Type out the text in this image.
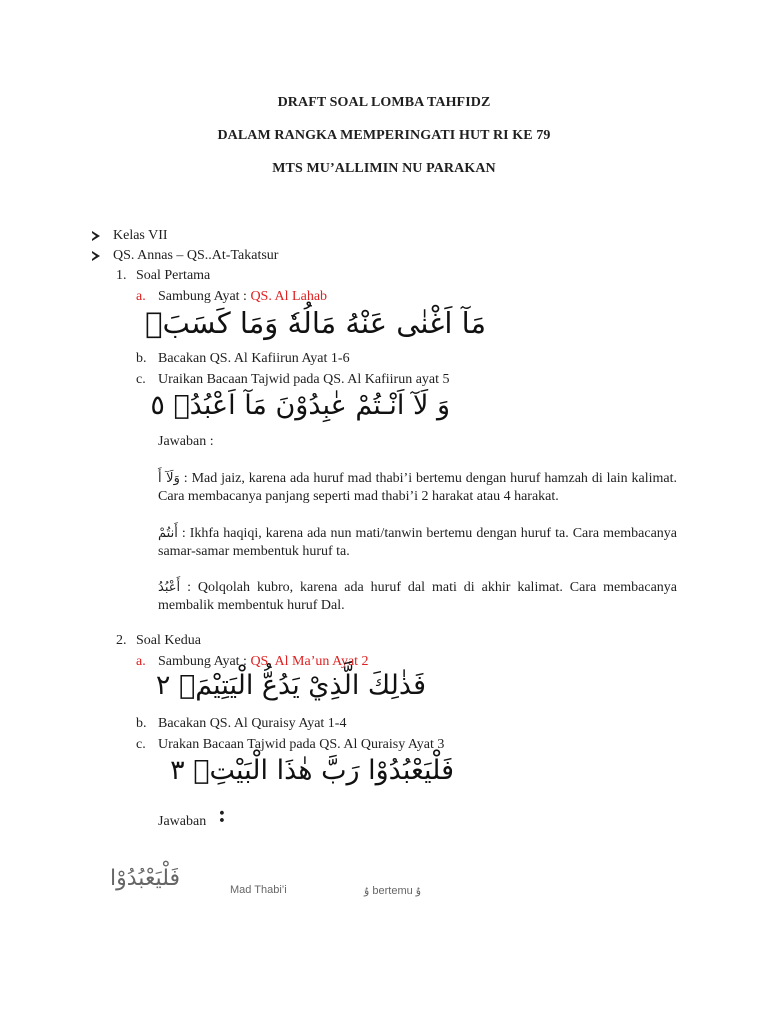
DRAFT SOAL LOMBA TAHFIDZ
DALAM RANGKA MEMPERINGATI HUT RI KE 79
MTS MU’ALLIMIN NU PARAKAN
Kelas VII
QS. Annas – QS..At-Takatsur
1. Soal Pertama
a. Sambung Ayat : QS. Al Lahab
مَآ اَغْنٰى عَنْهُ مَالُهٗ وَمَا كَسَبَۗ
b. Bacakan QS. Al Kafiirun Ayat 1-6
c. Uraikan Bacaan Tajwid pada QS. Al Kafiirun ayat 5
وَ لَآ اَنْـتُمْ عٰبِدُوْنَ مَآ اَعْبُدُۗ ٥
Jawaban :
وَلَآ أَ : Mad jaiz, karena ada huruf mad thabi’i bertemu dengan huruf hamzah di lain kalimat. Cara membacanya panjang seperti mad thabi’i 2 harakat atau 4 harakat.
أَنتُمْ : Ikhfa haqiqi, karena ada nun mati/tanwin bertemu dengan huruf ta. Cara membacanya samar-samar membentuk huruf ta.
أَعْبُدُ : Qolqolah kubro, karena ada huruf dal mati di akhir kalimat. Cara membacanya membalik membentuk huruf Dal.
2. Soal Kedua
a. Sambung Ayat : QS. Al Ma’un Ayat 2
فَذٰلِكَ الَّذِيْ يَدُعُّ الْيَتِيْمَۙ ٢
b. Bacakan QS. Al Quraisy Ayat 1-4
c. Urakan Bacaan Tajwid pada QS. Al Quraisy Ayat 3
فَلْيَعْبُدُوْا رَبَّ هٰذَا الْبَيْتِۙ ٣
Jawaban :
فَلْيَعْبُدُوْا	Mad Thabi’i	ۇ bertemu ۇ
